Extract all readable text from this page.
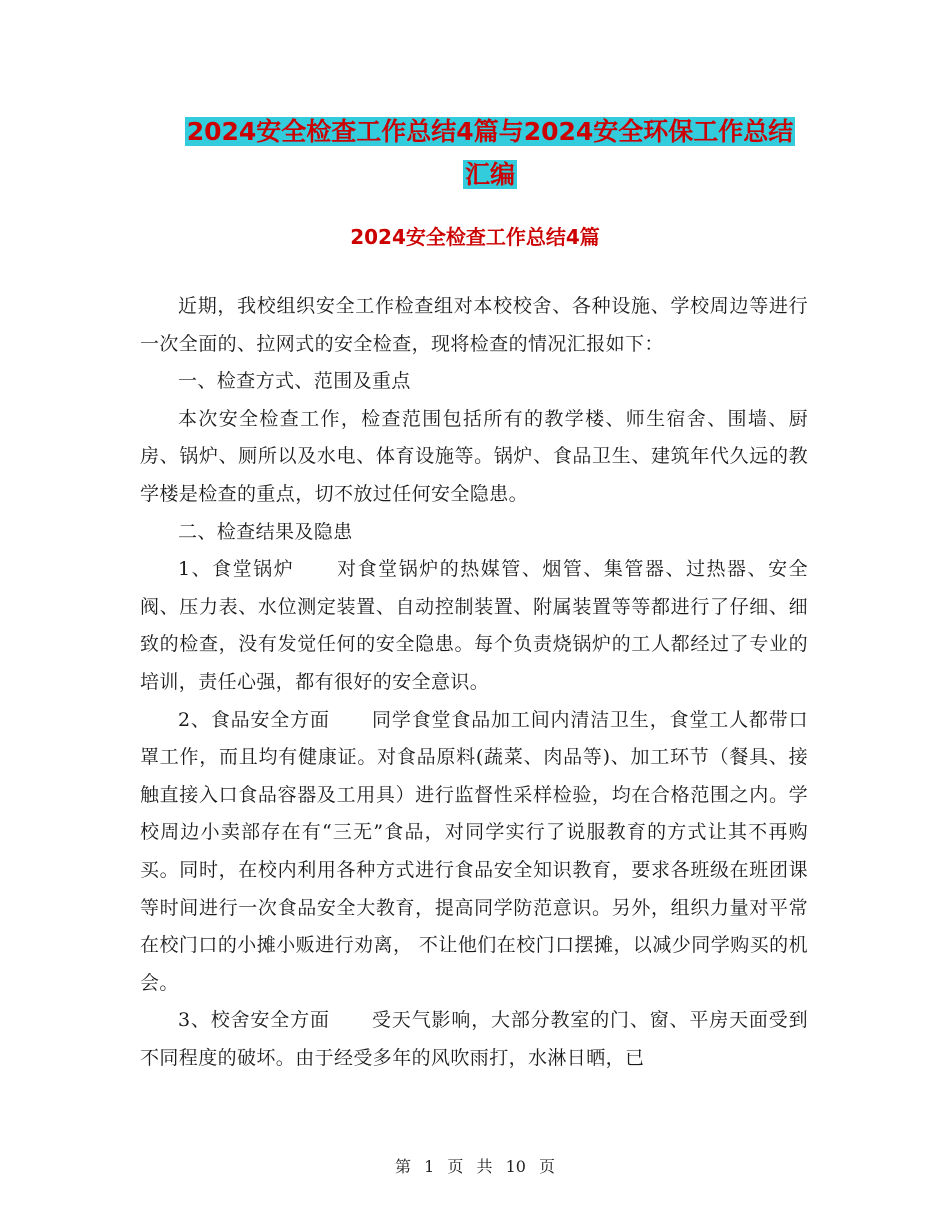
2024安全检查工作总结4篇与2024安全环保工作总结
汇编
2024安全检查工作总结4篇

近期，我校组织安全工作检查组对本校校舍、各种设施、学校周边等进行一次全面的、拉网式的安全检查，现将检查的情况汇报如下：

一、检查方式、范围及重点

本次安全检查工作，检查范围包括所有的教学楼、师生宿舍、围墙、厨房、锅炉、厕所以及水电、体育设施等。锅炉、食品卫生、建筑年代久远的教学楼是检查的重点，切不放过任何安全隐患。

二、检查结果及隐患

1、食堂锅炉 对食堂锅炉的热媒管、烟管、集管器、过热器、安全阀、压力表、水位测定装置、自动控制装置、附属装置等等都进行了仔细、细致的检查，没有发觉任何的安全隐患。每个负责烧锅炉的工人都经过了专业的培训，责任心强，都有很好的安全意识。

2、食品安全方面 同学食堂食品加工间内清洁卫生，食堂工人都带口罩工作，而且均有健康证。对食品原料(蔬菜、肉品等)、加工环节（餐具、接触直接入口食品容器及工用具）进行监督性采样检验，均在合格范围之内。学校周边小卖部存在有“三无”食品，对同学实行了说服教育的方式让其不再购买。同时，在校内利用各种方式进行食品安全知识教育，要求各班级在班团课等时间进行一次食品安全大教育，提高同学防范意识。另外，组织力量对平常在校门口的小摊小贩进行劝离， 不让他们在校门口摆摊，以减少同学购买的机会。

3、校舍安全方面 受天气影响，大部分教室的门、窗、平房天面受到不同程度的破坏。由于经受多年的风吹雨打，水淋日晒，已

第 1 页 共 10 页
